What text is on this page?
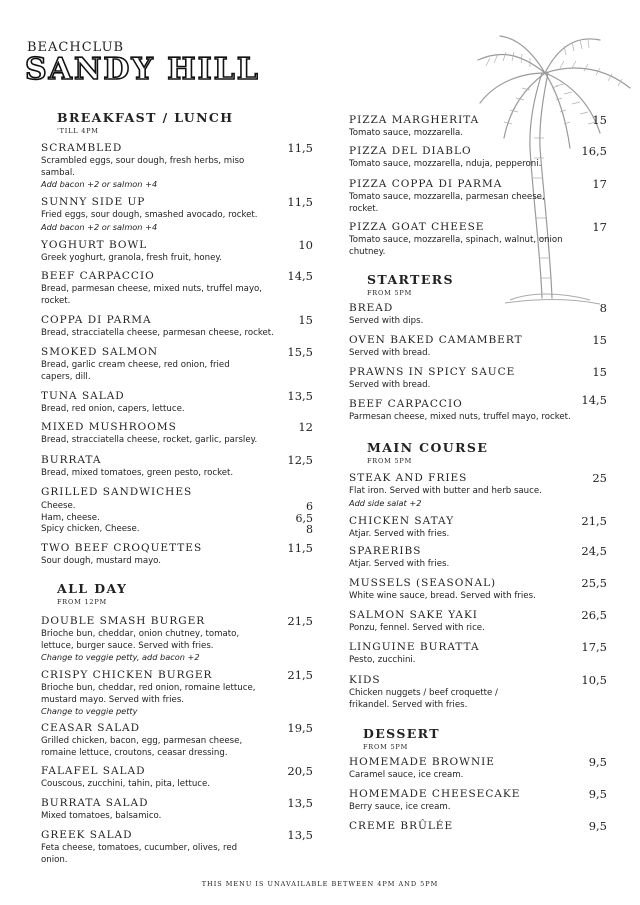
BEACHCLUB
SANDY HILL
BREAKFAST / LUNCH
'TILL 4PM
SCRAMBLED	11,5
Scrambled eggs, sour dough, fresh herbs, miso sambal.
Add bacon +2 or salmon +4
SUNNY SIDE UP	11,5
Fried eggs, sour dough, smashed avocado, rocket.
Add bacon +2 or salmon +4
YOGHURT BOWL	10
Greek yoghurt, granola, fresh fruit, honey.
BEEF CARPACCIO	14,5
Bread, parmesan cheese, mixed nuts, truffel mayo, rocket.
COPPA DI PARMA	15
Bread, stracciatella cheese, parmesan cheese, rocket.
SMOKED SALMON	15,5
Bread, garlic cream cheese, red onion, fried capers, dill.
TUNA SALAD	13,5
Bread, red onion, capers, lettuce.
MIXED MUSHROOMS	12
Bread, stracciatella cheese, rocket, garlic, parsley.
BURRATA	12,5
Bread, mixed tomatoes, green pesto, rocket.
GRILLED SANDWICHES
Cheese.	6
Ham, cheese.	6,5
Spicy chicken, Cheese.	8
TWO BEEF CROQUETTES	11,5
Sour dough, mustard mayo.
ALL DAY
FROM 12PM
DOUBLE SMASH BURGER	21,5
Brioche bun, cheddar, onion chutney, tomato, lettuce, burger sauce. Served with fries.
Change to veggie petty, add bacon +2
CRISPY CHICKEN BURGER	21,5
Brioche bun, cheddar, red onion, romaine lettuce, mustard mayo. Served with fries.
Change to veggie petty
CEASAR SALAD	19,5
Grilled chicken, bacon, egg, parmesan cheese, romaine lettuce, croutons, ceasar dressing.
FALAFEL SALAD	20,5
Couscous, zucchini, tahin, pita, lettuce.
BURRATA SALAD	13,5
Mixed tomatoes, balsamico.
GREEK SALAD	13,5
Feta cheese, tomatoes, cucumber, olives, red onion.
PIZZA MARGHERITA	15
Tomato sauce, mozzarella.
PIZZA DEL DIABLO	16,5
Tomato sauce, mozzarella, nduja, pepperoni.
PIZZA COPPA DI PARMA	17
Tomato sauce, mozzarella, parmesan cheese, rocket.
PIZZA GOAT CHEESE	17
Tomato sauce, mozzarella, spinach, walnut, onion chutney.
STARTERS
FROM 5PM
BREAD	8
Served with dips.
OVEN BAKED CAMAMBERT	15
Served with bread.
PRAWNS IN SPICY SAUCE	15
Served with bread.
BEEF CARPACCIO	14,5
Parmesan cheese, mixed nuts, truffel mayo, rocket.
MAIN COURSE
FROM 5PM
STEAK AND FRIES	25
Flat iron. Served with butter and herb sauce.
Add side salat +2
CHICKEN SATAY	21,5
Atjar. Served with fries.
SPARERIBS	24,5
Atjar. Served with fries.
MUSSELS (SEASONAL)	25,5
White wine sauce, bread. Served with fries.
SALMON SAKE YAKI	26,5
Ponzu, fennel. Served with rice.
LINGUINE BURATTA	17,5
Pesto, zucchini.
KIDS	10,5
Chicken nuggets / beef croquette / frikandel. Served with fries.
DESSERT
FROM 5PM
HOMEMADE BROWNIE	9,5
Caramel sauce, ice cream.
HOMEMADE CHEESECAKE	9,5
Berry sauce, ice cream.
CREME BRÛLÉE	9,5
THIS MENU IS UNAVAILABLE BETWEEN 4PM AND 5PM
